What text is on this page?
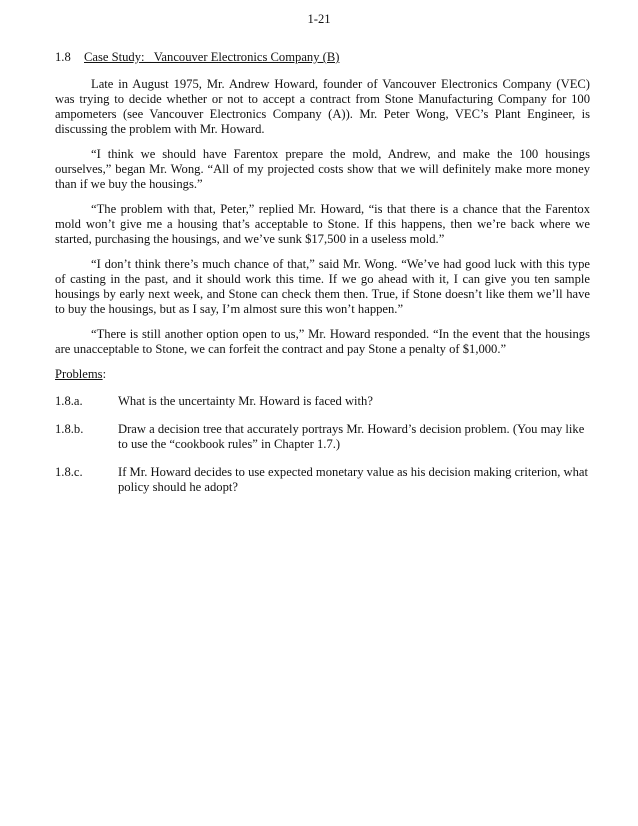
1-21
1.8	Case Study:_ Vancouver Electronics Company (B)

Late in August 1975, Mr. Andrew Howard, founder of Vancouver Electronics Company (VEC) was trying to decide whether or not to accept a contract from Stone Manufacturing Company for 100 ampometers (see Vancouver Electronics Company (A)). Mr. Peter Wong, VEC’s Plant Engineer, is discussing the problem with Mr. Howard.

“I think we should have Farentox prepare the mold, Andrew, and make the 100 housings ourselves,” began Mr. Wong. “All of my projected costs show that we will definitely make more money than if we buy the housings.”

“The problem with that, Peter,” replied Mr. Howard, “is that there is a chance that the Farentox mold won’t give me a housing that’s acceptable to Stone. If this happens, then we’re back where we started, purchasing the housings, and we’ve sunk $17,500 in a useless mold.”

“I don’t think there’s much chance of that,” said Mr. Wong. “We’ve had good luck with this type of casting in the past, and it should work this time. If we go ahead with it, I can give you ten sample housings by early next week, and Stone can check them then. True, if Stone doesn’t like them we’ll have to buy the housings, but as I say, I’m almost sure this won’t happen.”

“There is still another option open to us,” Mr. Howard responded. “In the event that the housings are unacceptable to Stone, we can forfeit the contract and pay Stone a penalty of $1,000.”

Problems:
1.8.a.	What is the uncertainty Mr. Howard is faced with?
1.8.b.	Draw a decision tree that accurately portrays Mr. Howard’s decision problem. (You may like to use the “cookbook rules” in Chapter 1.7.)
1.8.c.	If Mr. Howard decides to use expected monetary value as his decision making criterion, what policy should he adopt?
